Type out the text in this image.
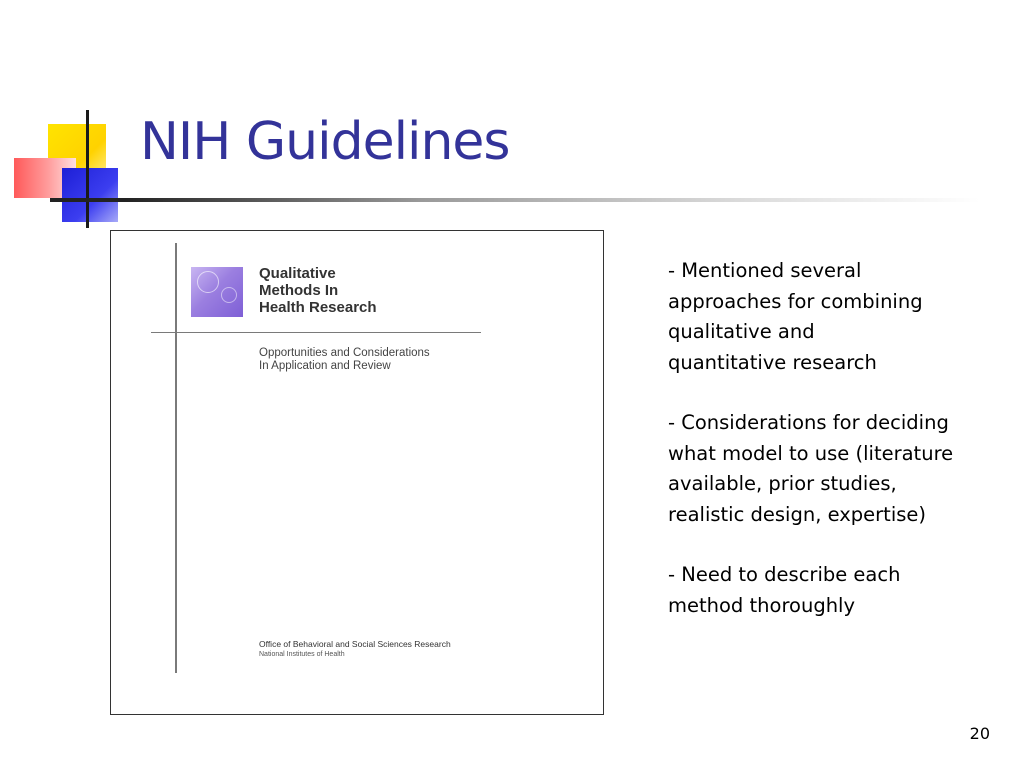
NIH Guidelines
Qualitative
Methods In
Health Research
Opportunities and Considerations
In Application and Review
Office of Behavioral and Social Sciences Research
National Institutes of Health
- Mentioned several
approaches for combining
qualitative and
quantitative research
- Considerations for deciding
what model to use (literature
available, prior studies,
realistic design, expertise)
- Need to describe each
method thoroughly
20
